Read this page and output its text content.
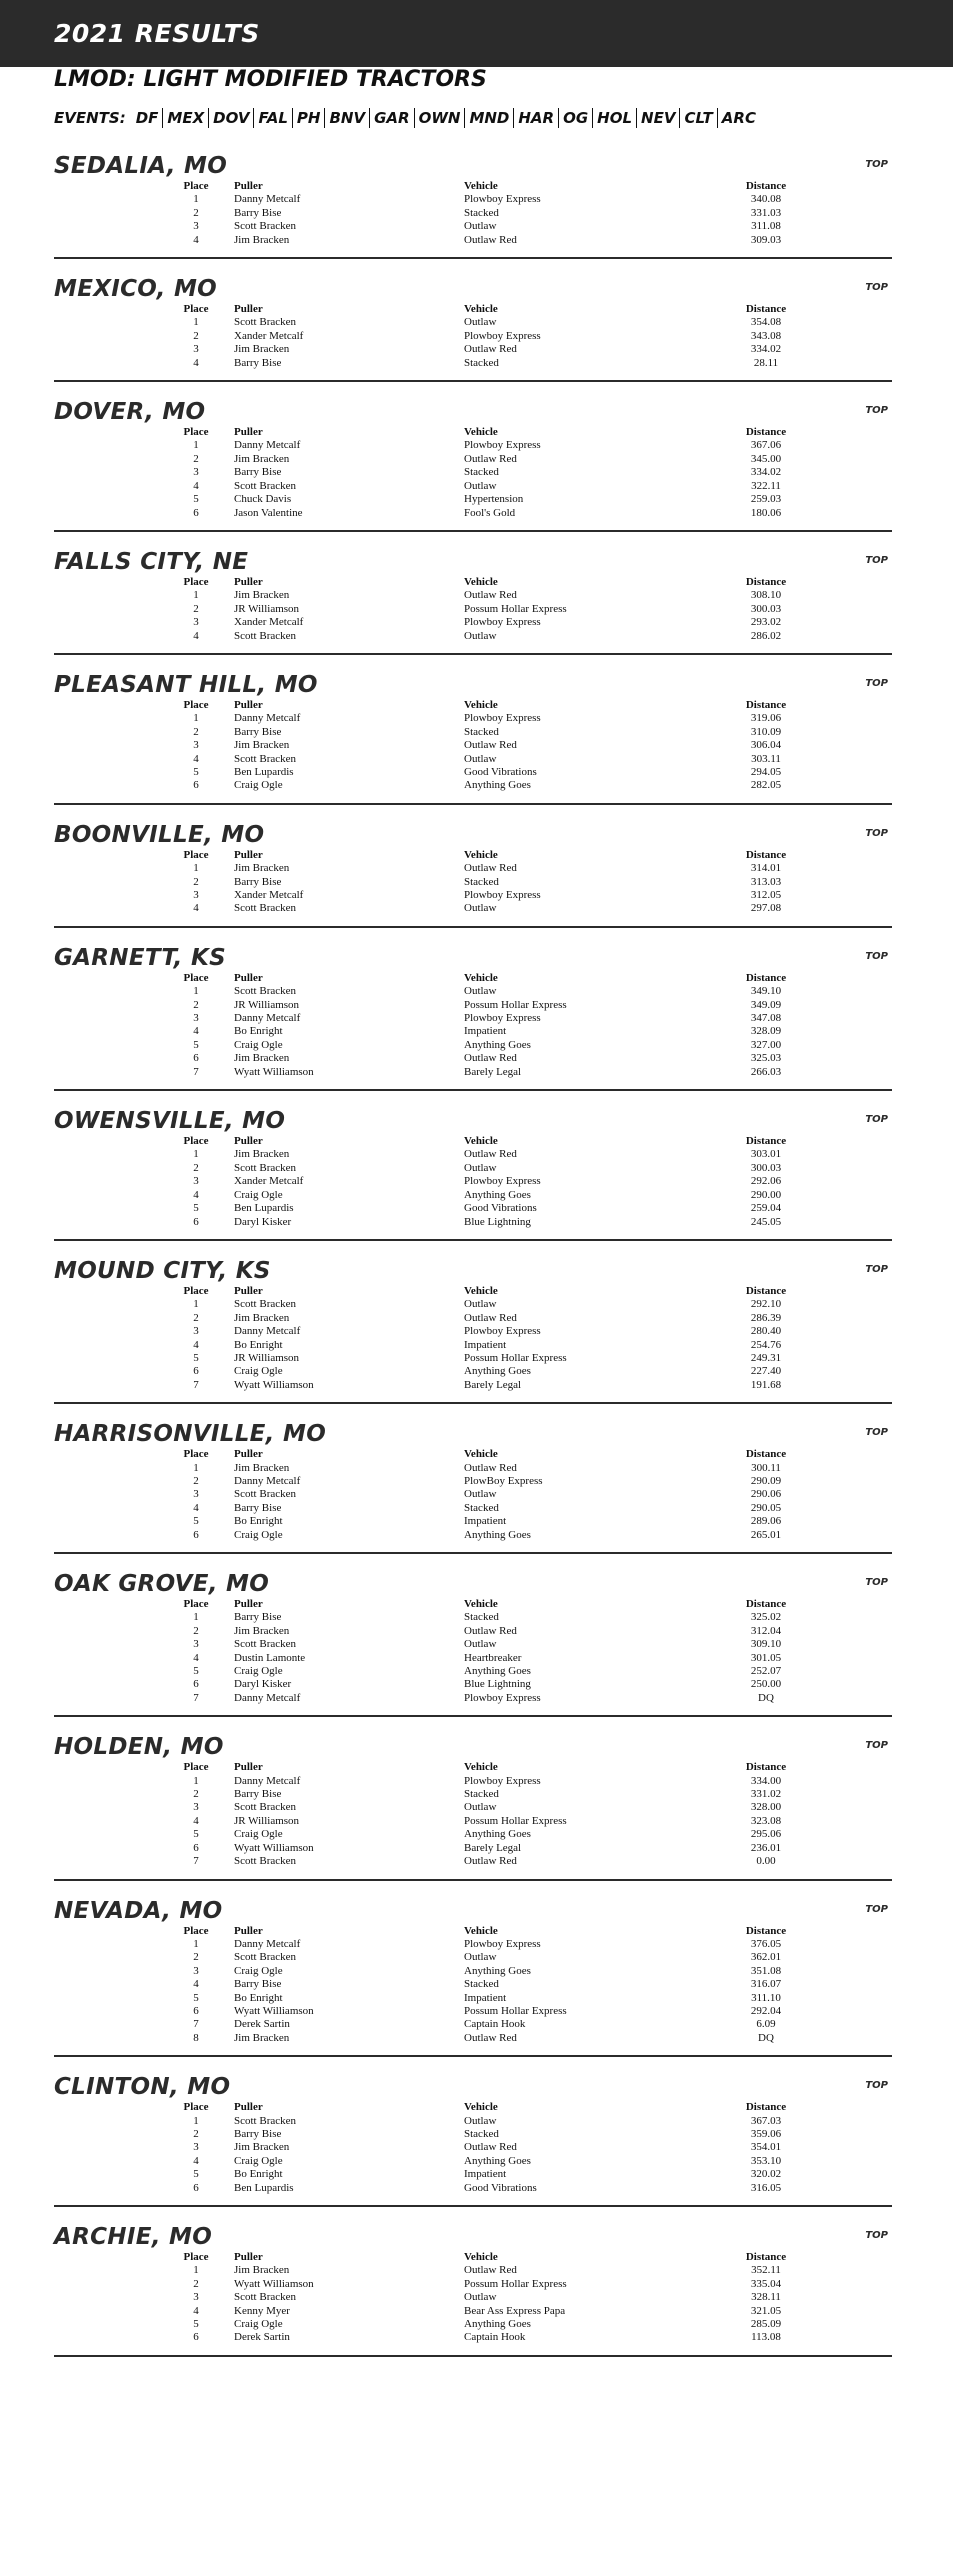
2021 RESULTS
LMOD: LIGHT MODIFIED TRACTORS
EVENTS: DF MEX DOV FAL PH BNV GAR OWN MND HAR OG HOL NEV CLT ARC
SEDALIA, MO	TOP
Place	Puller	Vehicle	Distance
1	Danny Metcalf	Plowboy Express	340.08
2	Barry Bise	Stacked	331.03
3	Scott Bracken	Outlaw	311.08
4	Jim Bracken	Outlaw Red	309.03
MEXICO, MO	TOP
Place	Puller	Vehicle	Distance
1	Scott Bracken	Outlaw	354.08
2	Xander Metcalf	Plowboy Express	343.08
3	Jim Bracken	Outlaw Red	334.02
4	Barry Bise	Stacked	28.11
DOVER, MO	TOP
Place	Puller	Vehicle	Distance
1	Danny Metcalf	Plowboy Express	367.06
2	Jim Bracken	Outlaw Red	345.00
3	Barry Bise	Stacked	334.02
4	Scott Bracken	Outlaw	322.11
5	Chuck Davis	Hypertension	259.03
6	Jason Valentine	Fool's Gold	180.06
FALLS CITY, NE	TOP
Place	Puller	Vehicle	Distance
1	Jim Bracken	Outlaw Red	308.10
2	JR Williamson	Possum Hollar Express	300.03
3	Xander Metcalf	Plowboy Express	293.02
4	Scott Bracken	Outlaw	286.02
PLEASANT HILL, MO	TOP
Place	Puller	Vehicle	Distance
1	Danny Metcalf	Plowboy Express	319.06
2	Barry Bise	Stacked	310.09
3	Jim Bracken	Outlaw Red	306.04
4	Scott Bracken	Outlaw	303.11
5	Ben Lupardis	Good Vibrations	294.05
6	Craig Ogle	Anything Goes	282.05
BOONVILLE, MO	TOP
Place	Puller	Vehicle	Distance
1	Jim Bracken	Outlaw Red	314.01
2	Barry Bise	Stacked	313.03
3	Xander Metcalf	Plowboy Express	312.05
4	Scott Bracken	Outlaw	297.08
GARNETT, KS	TOP
Place	Puller	Vehicle	Distance
1	Scott Bracken	Outlaw	349.10
2	JR Williamson	Possum Hollar Express	349.09
3	Danny Metcalf	Plowboy Express	347.08
4	Bo Enright	Impatient	328.09
5	Craig Ogle	Anything Goes	327.00
6	Jim Bracken	Outlaw Red	325.03
7	Wyatt Williamson	Barely Legal	266.03
OWENSVILLE, MO	TOP
Place	Puller	Vehicle	Distance
1	Jim Bracken	Outlaw Red	303.01
2	Scott Bracken	Outlaw	300.03
3	Xander Metcalf	Plowboy Express	292.06
4	Craig Ogle	Anything Goes	290.00
5	Ben Lupardis	Good Vibrations	259.04
6	Daryl Kisker	Blue Lightning	245.05
MOUND CITY, KS	TOP
Place	Puller	Vehicle	Distance
1	Scott Bracken	Outlaw	292.10
2	Jim Bracken	Outlaw Red	286.39
3	Danny Metcalf	Plowboy Express	280.40
4	Bo Enright	Impatient	254.76
5	JR Williamson	Possum Hollar Express	249.31
6	Craig Ogle	Anything Goes	227.40
7	Wyatt Williamson	Barely Legal	191.68
HARRISONVILLE, MO	TOP
Place	Puller	Vehicle	Distance
1	Jim Bracken	Outlaw Red	300.11
2	Danny Metcalf	PlowBoy Express	290.09
3	Scott Bracken	Outlaw	290.06
4	Barry Bise	Stacked	290.05
5	Bo Enright	Impatient	289.06
6	Craig Ogle	Anything Goes	265.01
OAK GROVE, MO	TOP
Place	Puller	Vehicle	Distance
1	Barry Bise	Stacked	325.02
2	Jim Bracken	Outlaw Red	312.04
3	Scott Bracken	Outlaw	309.10
4	Dustin Lamonte	Heartbreaker	301.05
5	Craig Ogle	Anything Goes	252.07
6	Daryl Kisker	Blue Lightning	250.00
7	Danny Metcalf	Plowboy Express	DQ
HOLDEN, MO	TOP
Place	Puller	Vehicle	Distance
1	Danny Metcalf	Plowboy Express	334.00
2	Barry Bise	Stacked	331.02
3	Scott Bracken	Outlaw	328.00
4	JR Williamson	Possum Hollar Express	323.08
5	Craig Ogle	Anything Goes	295.06
6	Wyatt Williamson	Barely Legal	236.01
7	Scott Bracken	Outlaw Red	0.00
NEVADA, MO	TOP
Place	Puller	Vehicle	Distance
1	Danny Metcalf	Plowboy Express	376.05
2	Scott Bracken	Outlaw	362.01
3	Craig Ogle	Anything Goes	351.08
4	Barry Bise	Stacked	316.07
5	Bo Enright	Impatient	311.10
6	Wyatt Williamson	Possum Hollar Express	292.04
7	Derek Sartin	Captain Hook	6.09
8	Jim Bracken	Outlaw Red	DQ
CLINTON, MO	TOP
Place	Puller	Vehicle	Distance
1	Scott Bracken	Outlaw	367.03
2	Barry Bise	Stacked	359.06
3	Jim Bracken	Outlaw Red	354.01
4	Craig Ogle	Anything Goes	353.10
5	Bo Enright	Impatient	320.02
6	Ben Lupardis	Good Vibrations	316.05
ARCHIE, MO	TOP
Place	Puller	Vehicle	Distance
1	Jim Bracken	Outlaw Red	352.11
2	Wyatt Williamson	Possum Hollar Express	335.04
3	Scott Bracken	Outlaw	328.11
4	Kenny Myer	Bear Ass Express Papa	321.05
5	Craig Ogle	Anything Goes	285.09
6	Derek Sartin	Captain Hook	113.08
